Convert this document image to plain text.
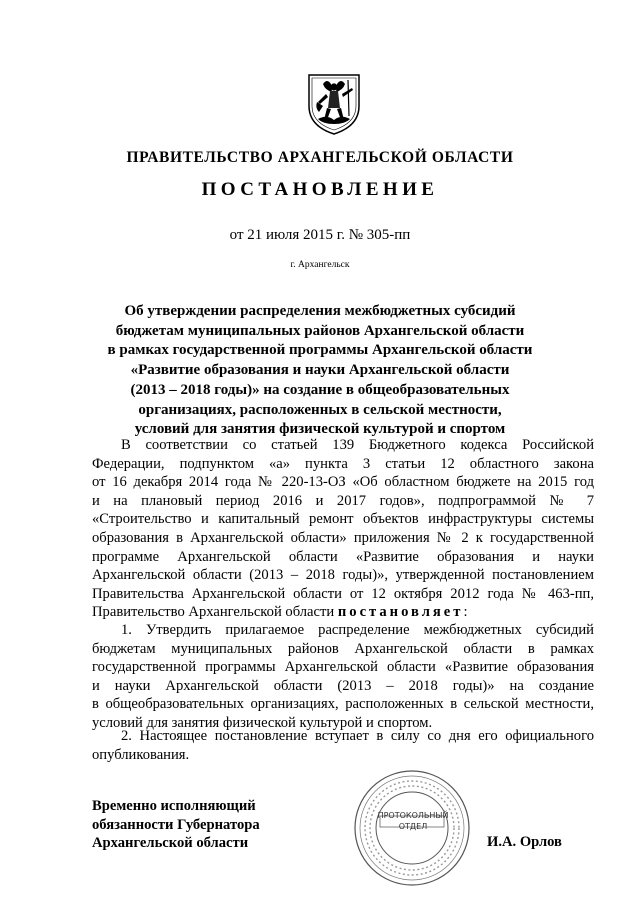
ПРАВИТЕЛЬСТВО АРХАНГЕЛЬСКОЙ ОБЛАСТИ
ПОСТАНОВЛЕНИЕ
от 21 июля 2015 г. № 305-пп
г. Архангельск
Об утверждении распределения межбюджетных субсидий
бюджетам муниципальных районов Архангельской области
в рамках государственной программы Архангельской области
«Развитие образования и науки Архангельской области
(2013 – 2018 годы)» на создание в общеобразовательных
организациях, расположенных в сельской местности,
условий для занятия физической культурой и спортом
В соответствии со статьей 139 Бюджетного кодекса Российской
Федерации, подпунктом «а» пункта 3 статьи 12 областного закона
от 16 декабря 2014 года № 220-13-ОЗ «Об областном бюджете на 2015 год
и на плановый период 2016 и 2017 годов», подпрограммой № 7
«Строительство и капитальный ремонт объектов инфраструктуры системы
образования в Архангельской области» приложения № 2 к государственной
программе Архангельской области «Развитие образования и науки
Архангельской области (2013 – 2018 годы)», утвержденной постановлением
Правительства Архангельской области от 12 октября 2012 года № 463-пп,
Правительство Архангельской области постановляет:
1. Утвердить прилагаемое распределение межбюджетных субсидий
бюджетам муниципальных районов Архангельской области в рамках
государственной программы Архангельской области «Развитие образования
и науки Архангельской области (2013 – 2018 годы)» на создание
в общеобразовательных организациях, расположенных в сельской местности,
условий для занятия физической культурой и спортом.
2. Настоящее постановление вступает в силу со дня его официального
опубликования.
Временно исполняющий
обязанности Губернатора
Архангельской области
ПРОТОКОЛЬНЫЙ
ОТДЕЛ
И.А. Орлов
